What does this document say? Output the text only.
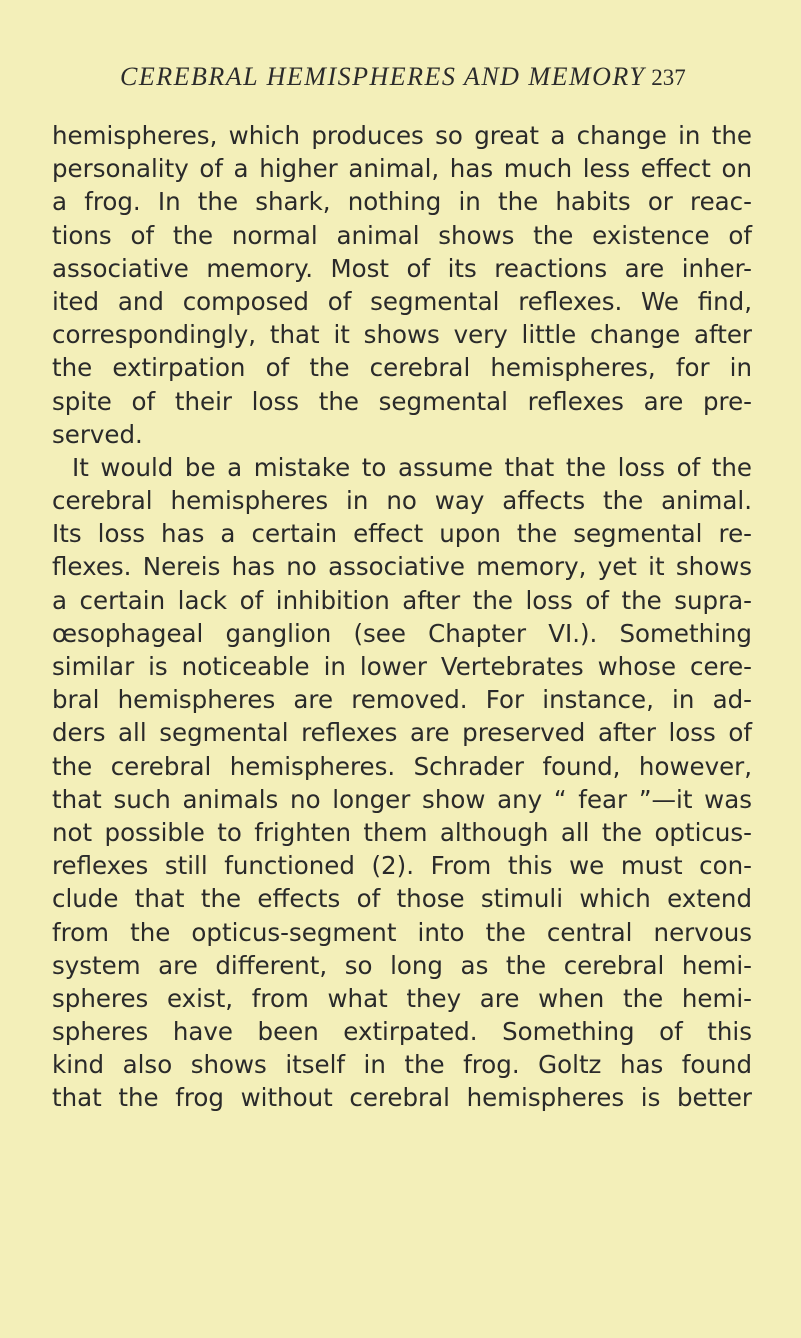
CEREBRAL HEMISPHERES AND MEMORY 237
hemispheres, which produces so great a change in the
personality of a higher animal, has much less effect on
a frog. In the shark, nothing in the habits or reac-
tions of the normal animal shows the existence of
associative memory. Most of its reactions are inher-
ited and composed of segmental reflexes. We find,
correspondingly, that it shows very little change after
the extirpation of the cerebral hemispheres, for in
spite of their loss the segmental reflexes are pre-
served.
It would be a mistake to assume that the loss of the
cerebral hemispheres in no way affects the animal.
Its loss has a certain effect upon the segmental re-
flexes. Nereis has no associative memory, yet it shows
a certain lack of inhibition after the loss of the supra-
œsophageal ganglion (see Chapter VI.). Something
similar is noticeable in lower Vertebrates whose cere-
bral hemispheres are removed. For instance, in ad-
ders all segmental reflexes are preserved after loss of
the cerebral hemispheres. Schrader found, however,
that such animals no longer show any “ fear ”—it was
not possible to frighten them although all the opticus-
reflexes still functioned (2). From this we must con-
clude that the effects of those stimuli which extend
from the opticus-segment into the central nervous
system are different, so long as the cerebral hemi-
spheres exist, from what they are when the hemi-
spheres have been extirpated. Something of this
kind also shows itself in the frog. Goltz has found
that the frog without cerebral hemispheres is better
